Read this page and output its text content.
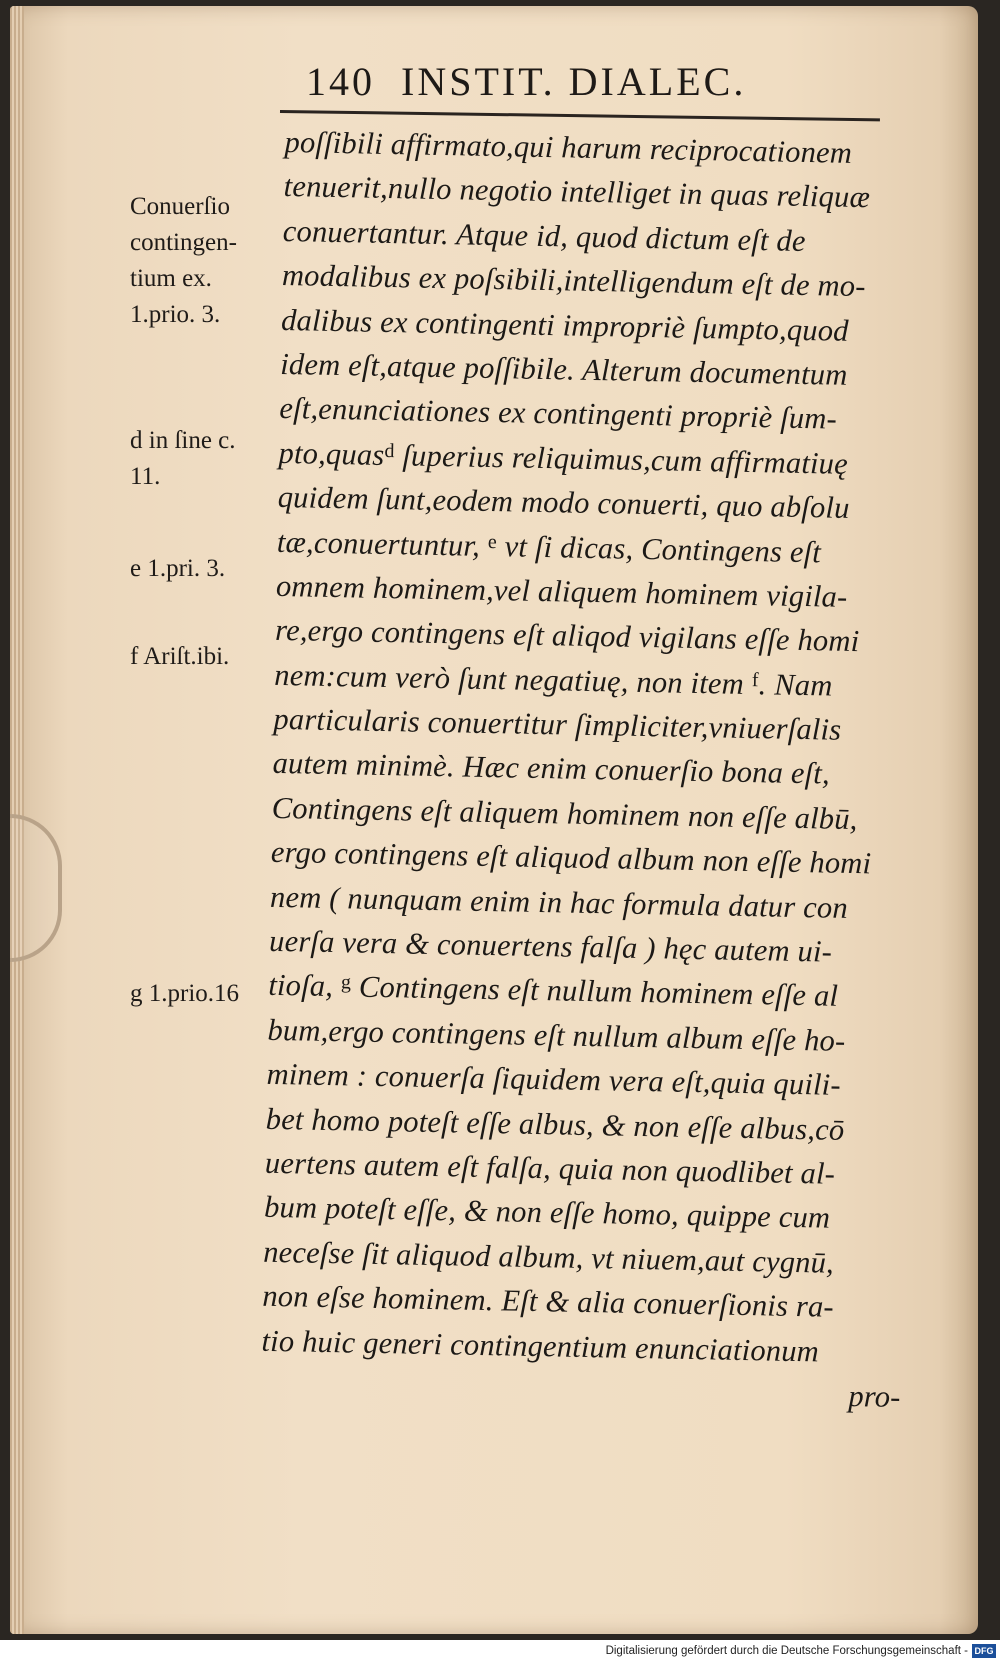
140 INSTIT. DIALEC.
Conuerſio
contingen-
tium ex.
1.prio. 3.
d in ſine c.
11.
e 1.pri. 3.
f Ariſt.ibi.
g 1.prio.16
poſſibili affirmato,qui harum reciprocationem
tenuerit,nullo negotio intelliget in quas reliquæ
conuertantur. Atque id, quod dictum eſt de
modalibus ex poſsibili,intelligendum eſt de mo-
dalibus ex contingenti impropriè ſumpto,quod
idem eſt,atque poſſibile. Alterum documentum
eſt,enunciationes ex contingenti propriè ſum-
pto,quas$^d$ ſuperius reliquimus,cum affirmatiuę
quidem ſunt,eodem modo conuerti, quo abſolu
tæ,conuertuntur, $^e$ vt ſi dicas, Contingens eſt
omnem hominem,vel aliquem hominem vigila-
re,ergo contingens eſt aliqod vigilans eſſe homi
nem:cum verò ſunt negatiuę, non item $^f$. Nam
particularis conuertitur ſimpliciter,vniuerſalis
autem minimè. Hæc enim conuerſio bona eſt,
Contingens eſt aliquem hominem non eſſe albū,
ergo contingens eſt aliquod album non eſſe homi
nem ( nunquam enim in hac formula datur con
uerſa vera & conuertens falſa ) hęc autem ui-
tioſa, $^g$ Contingens eſt nullum hominem eſſe al
bum,ergo contingens eſt nullum album eſſe ho-
minem : conuerſa ſiquidem vera eſt,quia quili-
bet homo poteſt eſſe albus, & non eſſe albus,cō
uertens autem eſt falſa, quia non quodlibet al-
bum poteſt eſſe, & non eſſe homo, quippe cum
neceſse ſit aliquod album, vt niuem,aut cygnū,
non eſse hominem. Eſt & alia conuerſionis ra-
tio huic generi contingentium enunciationum
pro-
Digitalisierung gefördert durch die Deutsche Forschungsgemeinschaft - DFG
